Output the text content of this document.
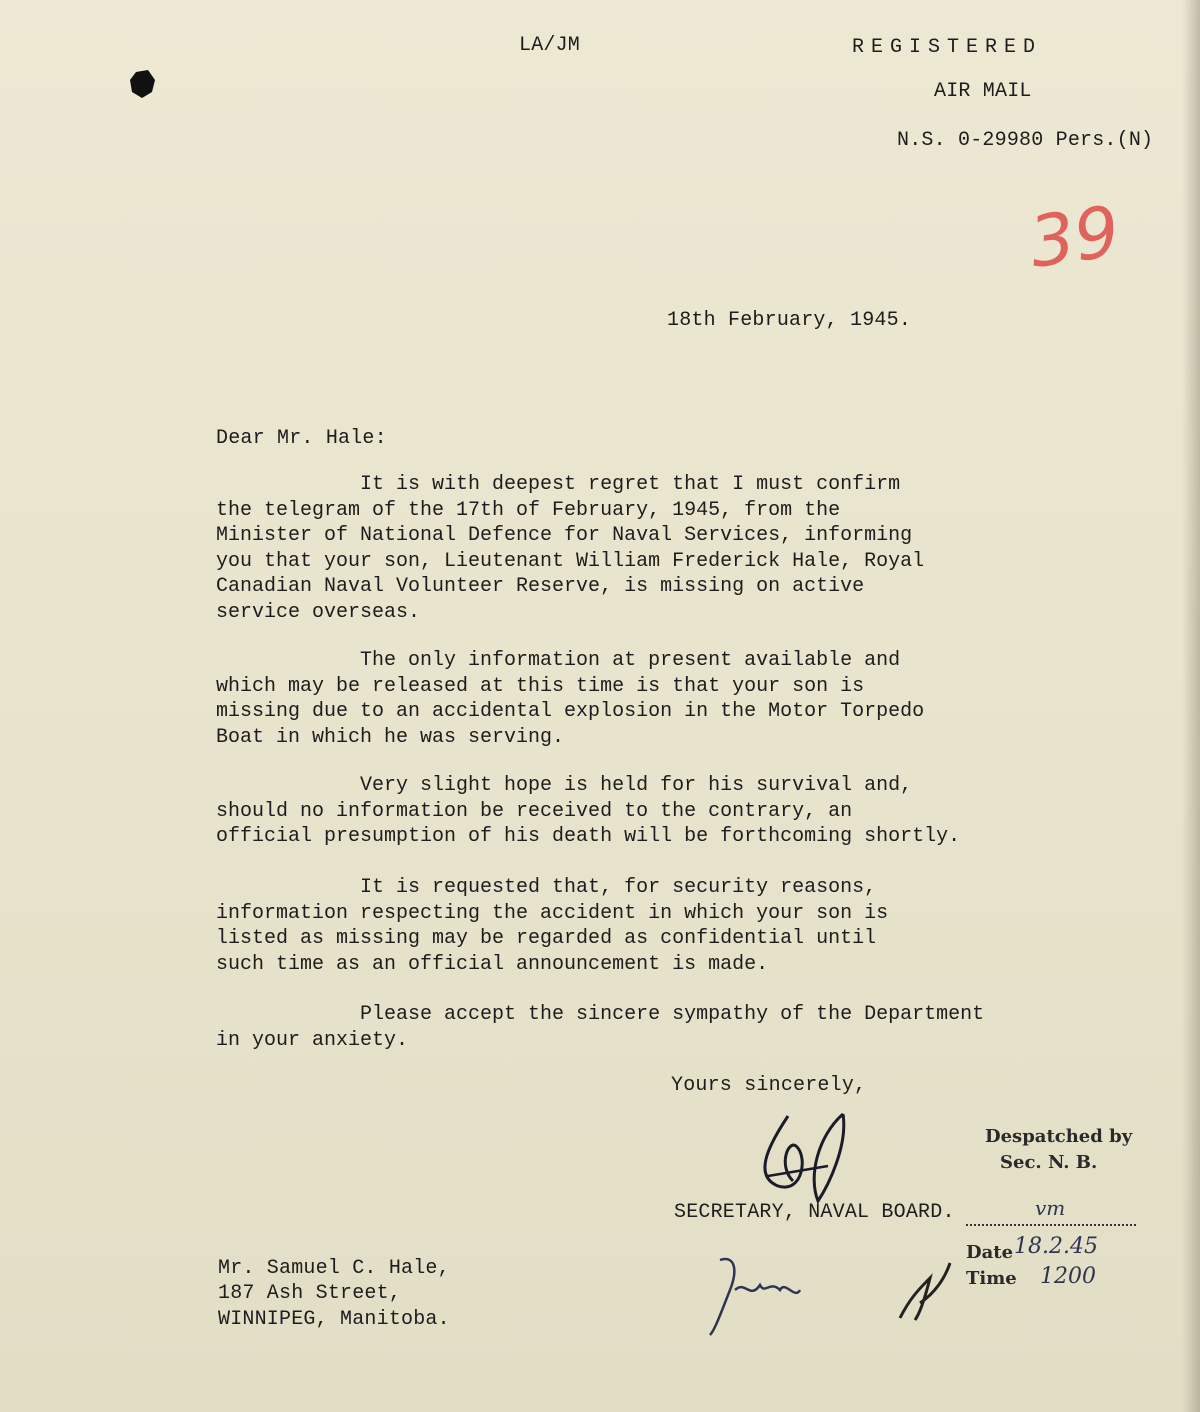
LA/JM	REGISTERED
AIR MAIL
N.S. 0-29980 Pers.(N)
39
18th February, 1945.
Dear Mr. Hale:
It is with deepest regret that I must confirm
the telegram of the 17th of February, 1945, from the
Minister of National Defence for Naval Services, informing
you that your son, Lieutenant William Frederick Hale, Royal
Canadian Naval Volunteer Reserve, is missing on active
service overseas.
The only information at present available and
which may be released at this time is that your son is
missing due to an accidental explosion in the Motor Torpedo
Boat in which he was serving.
Very slight hope is held for his survival and,
should no information be received to the contrary, an
official presumption of his death will be forthcoming shortly.
It is requested that, for security reasons,
information respecting the accident in which your son is
listed as missing may be regarded as confidential until
such time as an official announcement is made.
Please accept the sincere sympathy of the Department
in your anxiety.
Yours sincerely,
SECRETARY, NAVAL BOARD.
Despatched by
Sec. N. B.
vm
Date 18.2.45
Time 1200
Mr. Samuel C. Hale,
187 Ash Street,
WINNIPEG, Manitoba.
